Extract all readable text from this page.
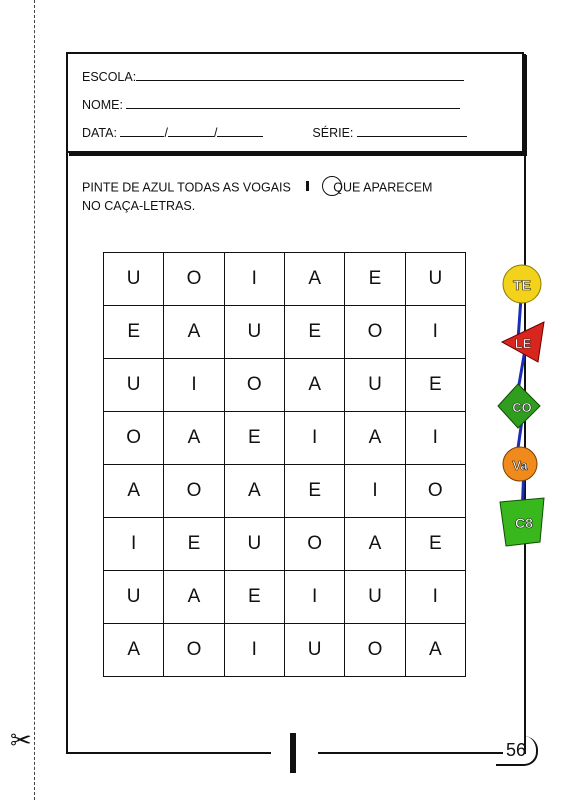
✂
ESCOLA:
NOME:
DATA:	/	/	SÉRIE:
PINTE DE AZUL TODAS AS VOGAIS	QUE APARECEM
NO CAÇA-LETRAS.
U	O	I	A	E	U
E	A	U	E	O	I
U	I	O	A	U	E
O	A	E	I	A	I
A	O	A	E	I	O
I	E	U	O	A	E
U	A	E	I	U	I
A	O	I	U	O	A
TE
LE
CO
Va
C8
56
